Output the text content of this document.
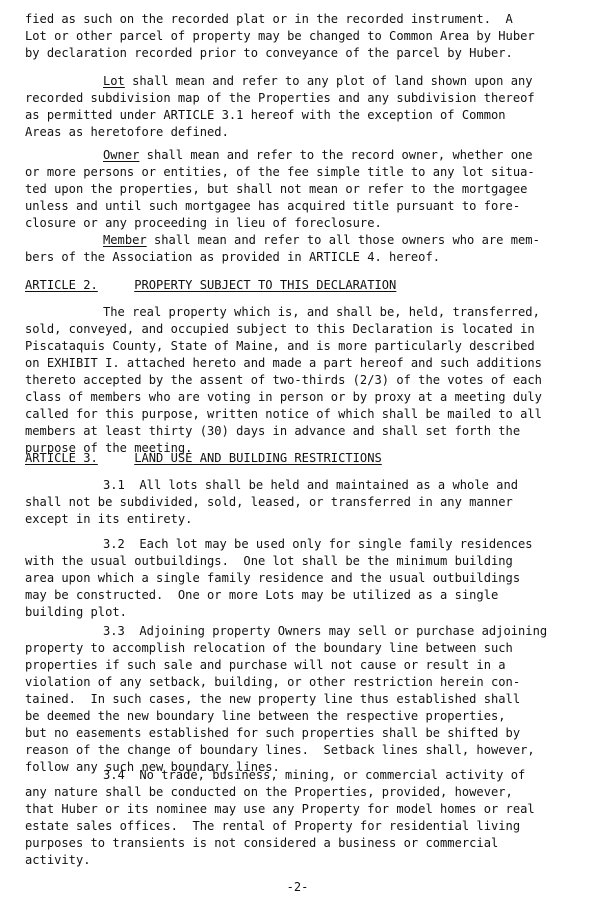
fied as such on the recorded plat or in the recorded instrument.  A
Lot or other parcel of property may be changed to Common Area by Huber
by declaration recorded prior to conveyance of the parcel by Huber.
Lot shall mean and refer to any plot of land shown upon any
recorded subdivision map of the Properties and any subdivision thereof
as permitted under ARTICLE 3.1 hereof with the exception of Common
Areas as heretofore defined.
Owner shall mean and refer to the record owner, whether one
or more persons or entities, of the fee simple title to any lot situa-
ted upon the properties, but shall not mean or refer to the mortgagee
unless and until such mortgagee has acquired title pursuant to fore-
closure or any proceeding in lieu of foreclosure.
Member shall mean and refer to all those owners who are mem-
bers of the Association as provided in ARTICLE 4. hereof.
ARTICLE 2.	PROPERTY SUBJECT TO THIS DECLARATION
The real property which is, and shall be, held, transferred,
sold, conveyed, and occupied subject to this Declaration is located in
Piscataquis County, State of Maine, and is more particularly described
on EXHIBIT I. attached hereto and made a part hereof and such additions
thereto accepted by the assent of two-thirds (2/3) of the votes of each
class of members who are voting in person or by proxy at a meeting duly
called for this purpose, written notice of which shall be mailed to all
members at least thirty (30) days in advance and shall set forth the
purpose of the meeting.
ARTICLE 3.	LAND USE AND BUILDING RESTRICTIONS
3.1  All lots shall be held and maintained as a whole and
shall not be subdivided, sold, leased, or transferred in any manner
except in its entirety.
3.2  Each lot may be used only for single family residences
with the usual outbuildings.  One lot shall be the minimum building
area upon which a single family residence and the usual outbuildings
may be constructed.  One or more Lots may be utilized as a single
building plot.
3.3  Adjoining property Owners may sell or purchase adjoining
property to accomplish relocation of the boundary line between such
properties if such sale and purchase will not cause or result in a
violation of any setback, building, or other restriction herein con-
tained.  In such cases, the new property line thus established shall
be deemed the new boundary line between the respective properties,
but no easements established for such properties shall be shifted by
reason of the change of boundary lines.  Setback lines shall, however,
follow any such new boundary lines.
3.4  No trade, business, mining, or commercial activity of
any nature shall be conducted on the Properties, provided, however,
that Huber or its nominee may use any Property for model homes or real
estate sales offices.  The rental of Property for residential living
purposes to transients is not considered a business or commercial
activity.
-2-
